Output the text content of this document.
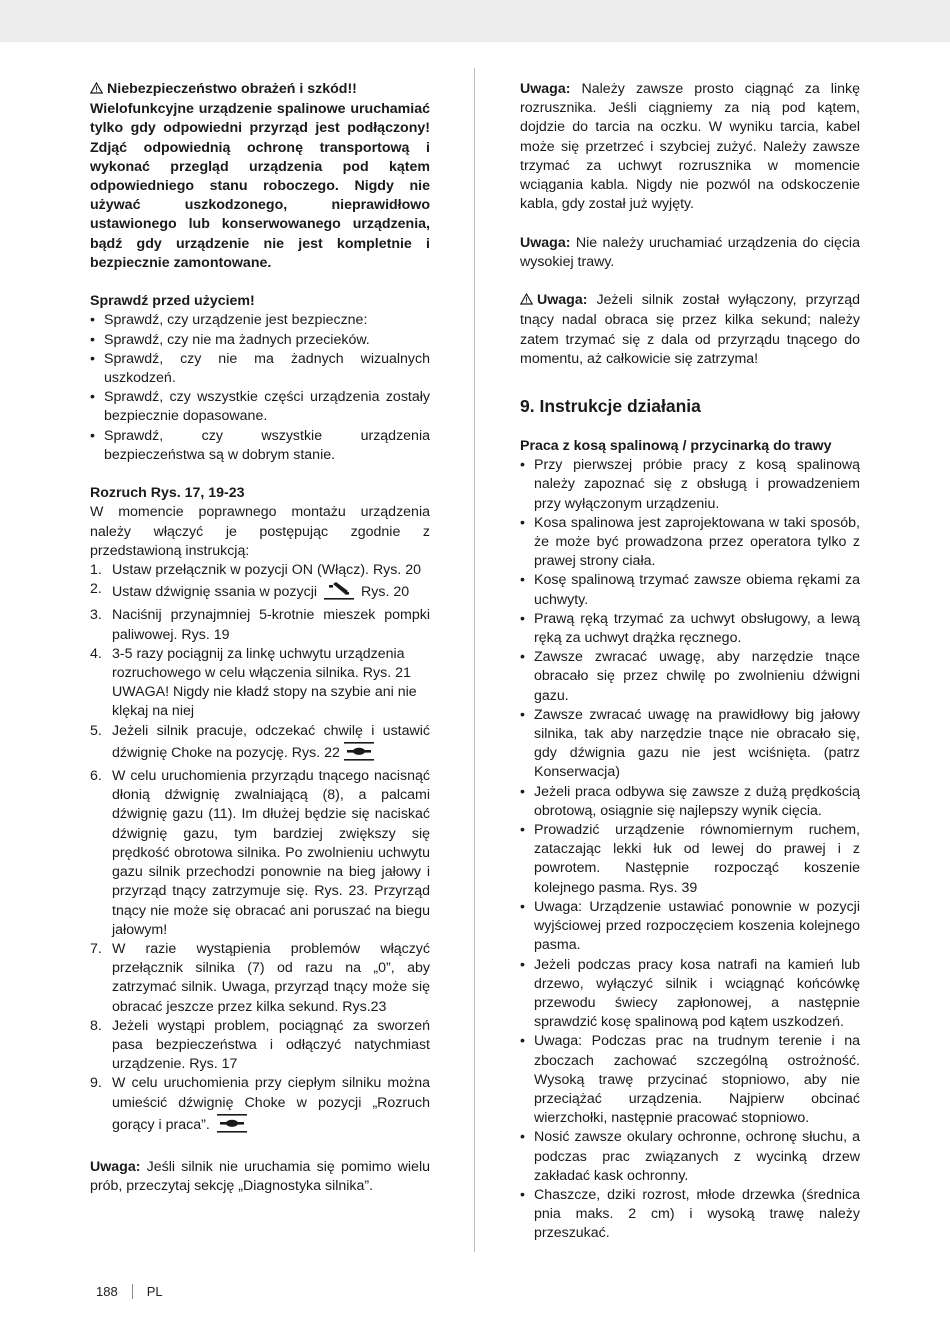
Niebezpieczeństwo obrażeń i szkód!!

Wielofunkcyjne urządzenie spalinowe uruchamiać tylko gdy odpowiedni przyrząd jest podłączony! Zdjąć odpowiednią ochronę transportową i wykonać przegląd urządzenia pod kątem odpowiedniego stanu roboczego. Nigdy nie używać uszkodzonego, nieprawidłowo ustawionego lub konserwowanego urządzenia, bądź gdy urządzenie nie jest kompletnie i bezpiecznie zamontowane.

Sprawdź przed użyciem!

• Sprawdź, czy urządzenie jest bezpieczne:
• Sprawdź, czy nie ma żadnych przecieków.
• Sprawdź, czy nie ma żadnych wizualnych uszkodzeń.
• Sprawdź, czy wszystkie części urządzenia zostały bezpiecznie dopasowane.
• Sprawdź, czy wszystkie urządzenia bezpieczeństwa są w dobrym stanie.

Rozruch Rys. 17, 19-23

W momencie poprawnego montażu urządzenia należy włączyć je postępując zgodnie z przedstawioną instrukcją:

1. Ustaw przełącznik w pozycji ON (Włącz). Rys. 20
2. Ustaw dźwignię ssania w pozycji	Rys. 20
3. Naciśnij przynajmniej 5-krotnie mieszek pompki paliwowej. Rys. 19
4. 3-5 razy pociągnij za linkę uchwytu urządzenia rozruchowego w celu włączenia silnika. Rys. 21 UWAGA! Nigdy nie kładź stopy na szybie ani nie klękaj na niej
5. Jeżeli silnik pracuje, odczekać chwilę i ustawić dźwignię Choke na pozycję. Rys. 22
6. W celu uruchomienia przyrządu tnącego nacisnąć dłonią dźwignię zwalniającą (8), a palcami dźwignię gazu (11). Im dłużej będzie się naciskać dźwignię gazu, tym bardziej zwiększy się prędkość obrotowa silnika. Po zwolnieniu uchwytu gazu silnik przechodzi ponownie na bieg jałowy i przyrząd tnący zatrzymuje się. Rys. 23. Przyrząd tnący nie może się obracać ani poruszać na biegu jałowym!
7. W razie wystąpienia problemów włączyć przełącznik silnika (7) od razu na „0”, aby zatrzymać silnik. Uwaga, przyrząd tnący może się obracać jeszcze przez kilka sekund. Rys.23
8. Jeżeli wystąpi problem, pociągnąć za sworzeń pasa bezpieczeństwa i odłączyć natychmiast urządzenie. Rys. 17
9. W celu uruchomienia przy ciepłym silniku można umieścić dźwignię Choke w pozycji „Rozruch gorący i praca”.

Uwaga: Jeśli silnik nie uruchamia się pomimo wielu prób, przeczytaj sekcję „Diagnostyka silnika”.

Uwaga: Należy zawsze prosto ciągnąć za linkę rozrusznika. Jeśli ciągniemy za nią pod kątem, dojdzie do tarcia na oczku. W wyniku tarcia, kabel może się przetrzeć i szybciej zużyć. Należy zawsze trzymać za uchwyt rozrusznika w momencie wciągania kabla. Nigdy nie pozwól na odskoczenie kabla, gdy został już wyjęty.

Uwaga: Nie należy uruchamiać urządzenia do cięcia wysokiej trawy.

Uwaga: Jeżeli silnik został wyłączony, przyrząd tnący nadal obraca się przez kilka sekund; należy zatem trzymać się z dala od przyrządu tnącego do momentu, aż całkowicie się zatrzyma!

9. Instrukcje działania

Praca z kosą spalinową / przycinarką do trawy

• Przy pierwszej próbie pracy z kosą spalinową należy zapoznać się z obsługą i prowadzeniem przy wyłączonym urządzeniu.
• Kosa spalinowa jest zaprojektowana w taki sposób, że może być prowadzona przez operatora tylko z prawej strony ciała.
• Kosę spalinową trzymać zawsze obiema rękami za uchwyty.
• Prawą ręką trzymać za uchwyt obsługowy, a lewą ręką za uchwyt drążka ręcznego.
• Zawsze zwracać uwagę, aby narzędzie tnące obracało się przez chwilę po zwolnieniu dźwigni gazu.
• Zawsze zwracać uwagę na prawidłowy big jałowy silnika, tak aby narzędzie tnące nie obracało się, gdy dźwignia gazu nie jest wciśnięta. (patrz Konserwacja)
• Jeżeli praca odbywa się zawsze z dużą prędkością obrotową, osiągnie się najlepszy wynik cięcia.
• Prowadzić urządzenie równomiernym ruchem, zataczając lekki łuk od lewej do prawej i z powrotem. Następnie rozpocząć koszenie kolejnego pasma. Rys. 39
• Uwaga: Urządzenie ustawiać ponownie w pozycji wyjściowej przed rozpoczęciem koszenia kolejnego pasma.
• Jeżeli podczas pracy kosa natrafi na kamień lub drzewo, wyłączyć silnik i wciągnąć końcówkę przewodu świecy zapłonowej, a następnie sprawdzić kosę spalinową pod kątem uszkodzeń.
• Uwaga: Podczas prac na trudnym terenie i na zboczach zachować szczególną ostrożność. Wysoką trawę przycinać stopniowo, aby nie przeciążać urządzenia. Najpierw obcinać wierzchołki, następnie pracować stopniowo.
• Nosić zawsze okulary ochronne, ochronę słuchu, a podczas prac związanych z wycinką drzew zakładać kask ochronny.
• Chaszcze, dziki rozrost, młode drzewka (średnica pnia maks. 2 cm) i wysoką trawę należy przeszukać.
188 PL
